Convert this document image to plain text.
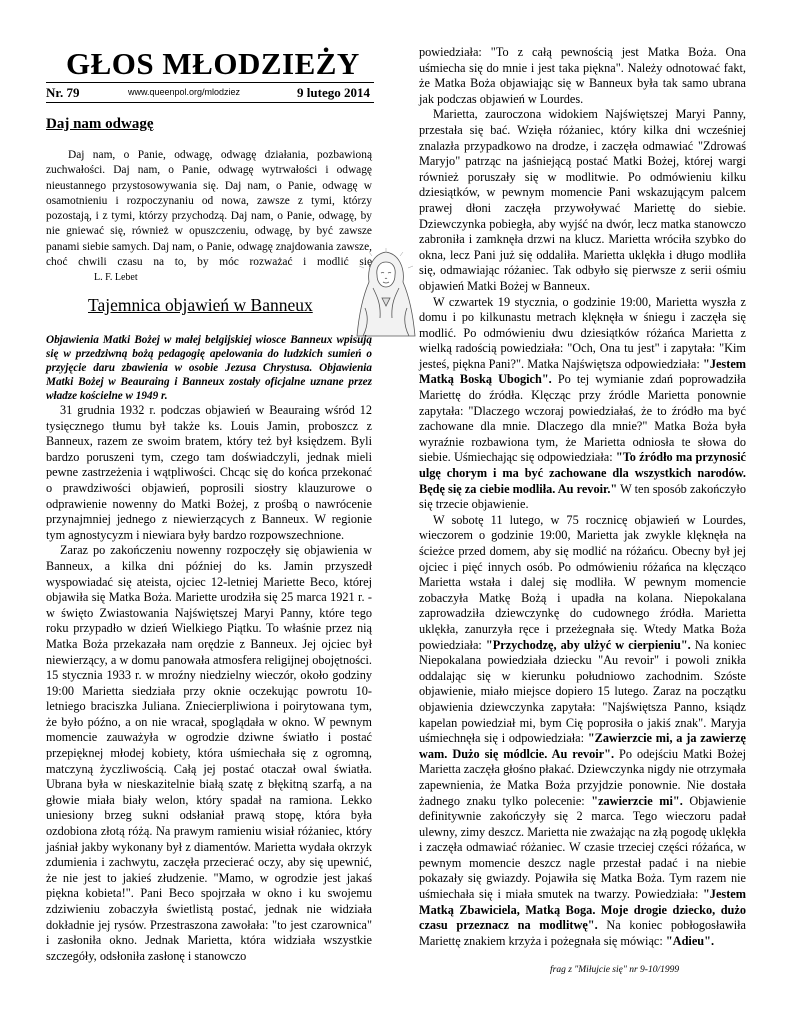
GŁOS MŁODZIEŻY
Nr. 79	www.queenpol.org/mlodziez	9 lutego 2014
Daj nam odwagę

Daj nam, o Panie, odwagę, odwagę działania, pozbawioną zuchwałości. Daj nam, o Panie, odwagę wytrwałości i odwagę nieustannego przystosowywania się. Daj nam, o Panie, odwagę w osamotnieniu i rozpoczynaniu od nowa, zawsze z tymi, którzy pozostają, i z tymi, którzy przychodzą. Daj nam, o Panie, odwagę, by nie gniewać się, również w opuszczeniu, odwagę, by być zawsze panami siebie samych. Daj nam, o Panie, odwagę znajdowania zawsze, choć chwili czasu na to, by móc rozważać i modlić sięL. F. Lebet

Tajemnica objawień w Banneux

Objawienia Matki Bożej w małej belgijskiej wiosce Banneux wpisują się w przedziwną bożą pedagogię apelowania do ludzkich sumień o przyjęcie daru zbawienia w osobie Jezusa Chrystusa. Objawienia Matki Bożej w Beauraing i Banneux zostały oficjalne uznane przez władze kościelne w 1949 r.

31 grudnia 1932 r. podczas objawień w Beauraing wśród 12 tysięcznego tłumu był także ks. Louis Jamin, proboszcz z Banneux, razem ze swoim bratem, który też był księdzem. Byli bardzo poruszeni tym, czego tam doświadczyli, jednak mieli pewne zastrzeżenia i wątpliwości. Chcąc się do końca przekonać o prawdziwości objawień, poprosili siostry klauzurowe o odprawienie nowenny do Matki Bożej, z prośbą o nawrócenie przynajmniej jednego z niewierzących z Banneux. W regionie tym agnostycyzm i niewiara były bardzo rozpowszechnione.

Zaraz po zakończeniu nowenny rozpoczęły się objawienia w Banneux, a kilka dni później do ks. Jamin przyszedł wyspowiadać się ateista, ojciec 12-letniej Mariette Beco, której objawiła się Matka Boża. Mariette urodziła się 25 marca 1921 r. - w święto Zwiastowania Najświętszej Maryi Panny, które tego roku przypadło w dzień Wielkiego Piątku. To właśnie przez nią Matka Boża przekazała nam orędzie z Banneux. Jej ojciec był niewierzący, a w domu panowała atmosfera religijnej obojętności. 15 stycznia 1933 r. w mroźny niedzielny wieczór, około godziny 19:00 Marietta siedziała przy oknie oczekując powrotu 10-letniego braciszka Juliana. Zniecierpliwiona i poirytowana tym, że było późno, a on nie wracał, spoglądała w okno. W pewnym momencie zauważyła w ogrodzie dziwne światło i postać przepięknej młodej kobiety, która uśmiechała się z ogromną, matczyną życzliwością. Całą jej postać otaczał owal światła. Ubrana była w nieskazitelnie białą szatę z błękitną szarfą, a na głowie miała biały welon, który spadał na ramiona. Lekko uniesiony brzeg sukni odsłaniał prawą stopę, która była ozdobiona złotą różą. Na prawym ramieniu wisiał różaniec, który jaśniał jakby wykonany był z diamentów. Marietta wydała okrzyk zdumienia i zachwytu, zaczęła przecierać oczy, aby się upewnić, że nie jest to jakieś złudzenie. "Mamo, w ogrodzie jest jakaś piękna kobieta!". Pani Beco spojrzała w okno i ku swojemu zdziwieniu zobaczyła świetlistą postać, jednak nie widziała dokładnie jej rysów. Przestraszona zawołała: "to jest czarownica" i zasłoniła okno. Jednak Marietta, która widziała wszystkie szczegóły, odsłoniła zasłonę i stanowczo

powiedziała: "To z całą pewnością jest Matka Boża. Ona uśmiecha się do mnie i jest taka piękna". Należy odnotować fakt, że Matka Boża objawiając się w Banneux była tak samo ubrana jak podczas objawień w Lourdes.

Marietta, zauroczona widokiem Najświętszej Maryi Panny, przestała się bać. Wzięła różaniec, który kilka dni wcześniej znalazła przypadkowo na drodze, i zaczęła odmawiać "Zdrowaś Maryjo" patrząc na jaśniejącą postać Matki Bożej, której wargi również poruszały się w modlitwie. Po odmówieniu kilku dziesiątków, w pewnym momencie Pani wskazującym palcem prawej dłoni zaczęła przywoływać Mariettę do siebie. Dziewczynka pobiegła, aby wyjść na dwór, lecz matka stanowczo zabroniła i zamknęła drzwi na klucz. Marietta wróciła szybko do okna, lecz Pani już się oddaliła. Marietta uklękła i długo modliła się, odmawiając różaniec. Tak odbyło się pierwsze z serii ośmiu objawień Matki Bożej w Banneux.

W czwartek 19 stycznia, o godzinie 19:00, Marietta wyszła z domu i po kilkunastu metrach klęknęła w śniegu i zaczęła się modlić. Po odmówieniu dwu dziesiątków różańca Marietta z wielką radością powiedziała: "Och, Ona tu jest" i zapytała: "Kim jesteś, piękna Pani?". Matka Najświętsza odpowiedziała: "Jestem Matką Boską Ubogich". Po tej wymianie zdań poprowadziła Mariettę do źródła. Klęcząc przy źródle Marietta ponownie zapytała: "Dlaczego wczoraj powiedziałaś, że to źródło ma być zachowane dla mnie. Dlaczego dla mnie?" Matka Boża była wyraźnie rozbawiona tym, że Marietta odniosła te słowa do siebie. Uśmiechając się odpowiedziała: "To źródło ma przynosić ulgę chorym i ma być zachowane dla wszystkich narodów. Będę się za ciebie modliła. Au revoir." W ten sposób zakończyło się trzecie objawienie.

W sobotę 11 lutego, w 75 rocznicę objawień w Lourdes, wieczorem o godzinie 19:00, Marietta jak zwykle klęknęła na ścieżce przed domem, aby się modlić na różańcu. Obecny był jej ojciec i pięć innych osób. Po odmówieniu różańca na klęcząco Marietta wstała i dalej się modliła. W pewnym momencie zobaczyła Matkę Bożą i upadła na kolana. Niepokalana zaprowadziła dziewczynkę do cudownego źródła. Marietta uklękła, zanurzyła ręce i przeżegnała się. Wtedy Matka Boża powiedziała: "Przychodzę, aby ulżyć w cierpieniu". Na koniec Niepokalana powiedziała dziecku "Au revoir" i powoli znikła oddalając się w kierunku południowo zachodnim. Szóste objawienie, miało miejsce dopiero 15 lutego. Zaraz na początku objawienia dziewczynka zapytała: "Najświętsza Panno, ksiądz kapelan powiedział mi, bym Cię poprosiła o jakiś znak". Maryja uśmiechnęła się i odpowiedziała: "Zawierzcie mi, a ja zawierzę wam. Dużo się módlcie. Au revoir". Po odejściu Matki Bożej Marietta zaczęła głośno płakać. Dziewczynka nigdy nie otrzymała zapewnienia, że Matka Boża przyjdzie ponownie. Nie dostała żadnego znaku tylko polecenie: "zawierzcie mi". Objawienie definitywnie zakończyły się 2 marca. Tego wieczoru padał ulewny, zimy deszcz. Marietta nie zważając na złą pogodę uklękła i zaczęła odmawiać różaniec. W czasie trzeciej części różańca, w pewnym momencie deszcz nagle przestał padać i na niebie pokazały się gwiazdy. Pojawiła się Matka Boża. Tym razem nie uśmiechała się i miała smutek na twarzy. Powiedziała: "Jestem Matką Zbawiciela, Matką Boga. Moje drogie dziecko, dużo czasu przeznacz na modlitwę". Na koniec pobłogosławiła Mariettę znakiem krzyża i pożegnała się mówiąc: "Adieu".

frag z "Miłujcie się" nr 9-10/1999
